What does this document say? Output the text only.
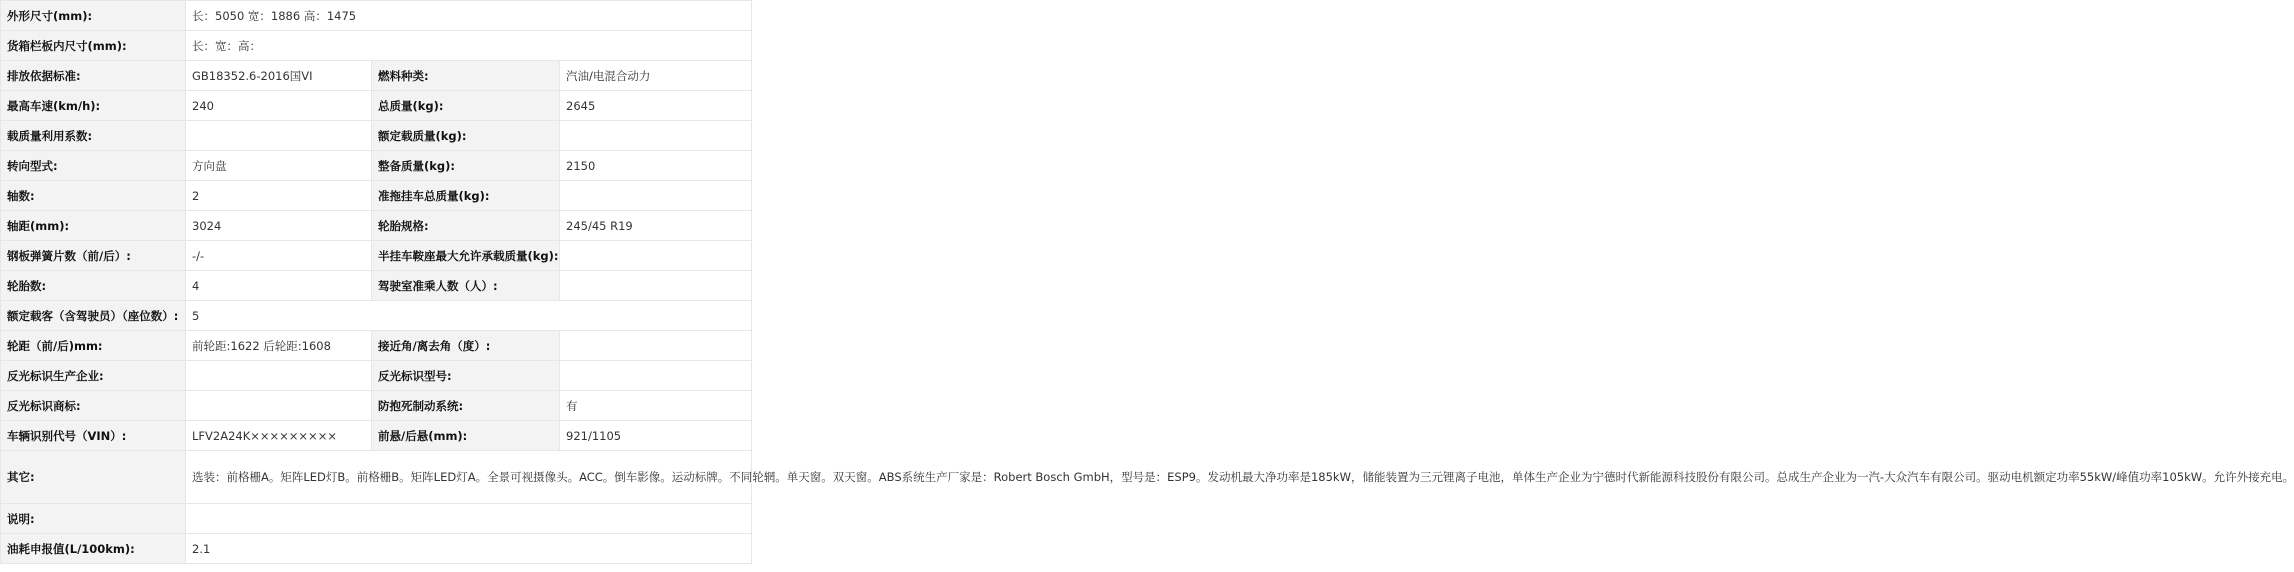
外形尺寸(mm):	长：5050 宽：1886 高：1475		
货箱栏板内尺寸(mm):	长：宽：高：		
排放依据标准:	GB18352.6-2016国VI	燃料种类:	汽油/电混合动力
最高车速(km/h):	240	总质量(kg):	2645
载质量利用系数:		额定载质量(kg):	
转向型式:	方向盘	整备质量(kg):	2150
轴数:	2	准拖挂车总质量(kg):	
轴距(mm):	3024	轮胎规格:	245/45 R19
钢板弹簧片数（前/后）:	-/-	半挂车鞍座最大允许承载质量(kg):	
轮胎数:	4	驾驶室准乘人数（人）:	
额定载客（含驾驶员）（座位数）:	5		
轮距（前/后)mm:	前轮距:1622 后轮距:1608	接近角/离去角（度）:	
反光标识生产企业:		反光标识型号:	
反光标识商标:		防抱死制动系统:	有
车辆识别代号（VIN）:	LFV2A24K×××××××××	前悬/后悬(mm):	921/1105
其它:	选装：前格栅A。矩阵LED灯B。前格栅B。矩阵LED灯A。全景可视摄像头。ACC。倒车影像。运动标牌。不同轮辋。单天窗。双天窗。ABS系统生产厂家是：Robert Bosch GmbH，型号是：ESP9。发动机最大净功率是185kW，储能装置为三元锂离子电池，单体生产企业为宁德时代新能源科技股份有限公司。总成生产企业为一汽-大众汽车有限公司。驱动电机额定功率55kW/峰值功率105kW。允许外接充电。		
说明:			
油耗申报值(L/100km):	2.1		
